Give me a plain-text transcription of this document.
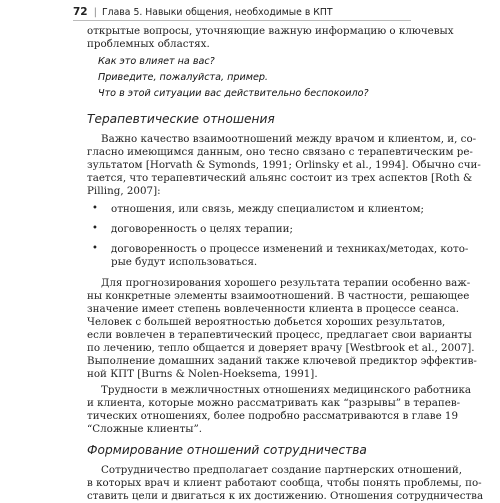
72 | Глава 5. Навыки общения, необходимые в КПТ
открытые вопросы, уточняющие важную информацию о ключевых
проблемных областях.
Как это влияет на вас?
Приведите, пожалуйста, пример.
Что в этой ситуации вас действительно беспокоило?
Терапевтические отношения
Важно качество взаимоотношений между врачом и клиентом, и, со-
гласно имеющимся данным, оно тесно связано с терапевтическим ре-
зультатом [Horvath & Symonds, 1991; Orlinsky et al., 1994]. Обычно счи-
тается, что терапевтический альянс состоит из трех аспектов [Roth &
Pilling, 2007]:
• отношения, или связь, между специалистом и клиентом;
• договоренность о целях терапии;
• договоренность о процессе изменений и техниках/методах, кото-
рые будут использоваться.
Для прогнозирования хорошего результата терапии особенно важ-
ны конкретные элементы взаимоотношений. В частности, решающее
значение имеет степень вовлеченности клиента в процессе сеанса.
Человек с большей вероятностью добьется хороших результатов,
если вовлечен в терапевтический процесс, предлагает свои варианты
по лечению, тепло общается и доверяет врачу [Westbrook et al., 2007].
Выполнение домашних заданий также ключевой предиктор эффектив-
ной КПТ [Burns & Nolen-Hoeksema, 1991].
Трудности в межличностных отношениях медицинского работника
и клиента, которые можно рассматривать как “разрывы” в терапев-
тических отношениях, более подробно рассматриваются в главе 19
“Сложные клиенты”.
Формирование отношений сотрудничества
Сотрудничество предполагает создание партнерских отношений,
в которых врач и клиент работают сообща, чтобы понять проблемы, по-
ставить цели и двигаться к их достижению. Отношения сотрудничества
